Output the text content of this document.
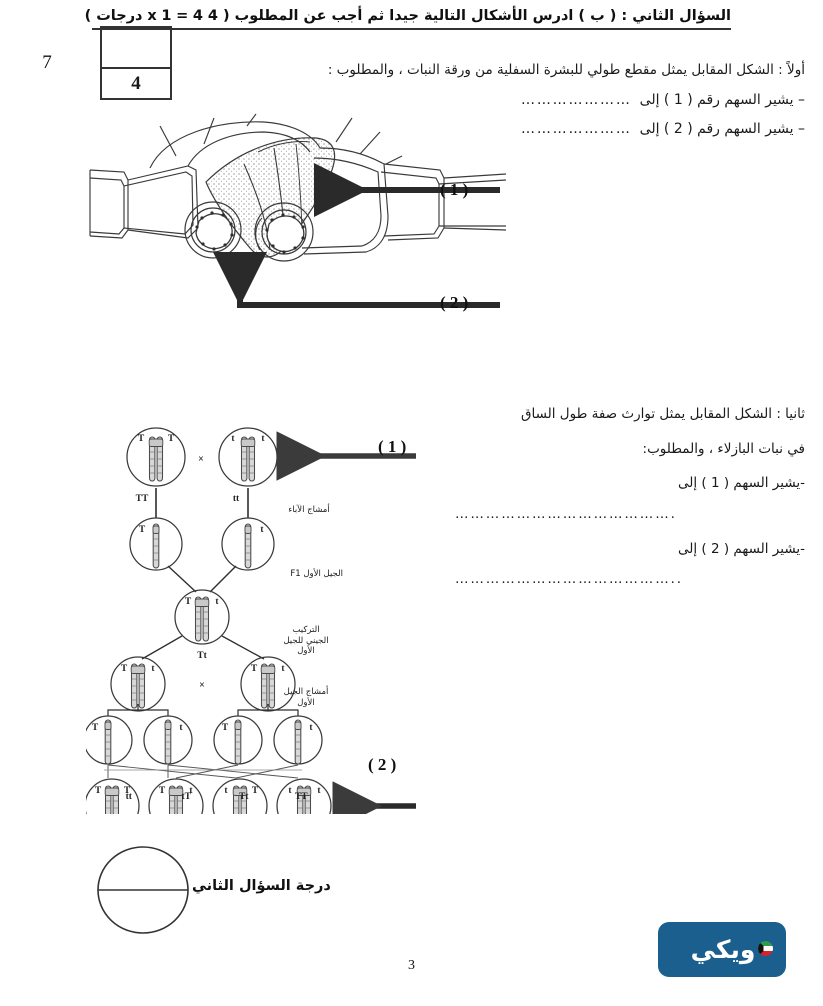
السؤال الثاني : ( ب ) ادرس الأشكال التالية جيدا ثم أجب عن المطلوب ( 4 x 1 = 4 درجات )
4
أولاً : الشكل المقابل يمثل مقطع طولي للبشرة السفلية من ورقة النبات ، والمطلوب :
– يشير السهم رقم ( 1 ) إلى
…………………
– يشير السهم رقم ( 2 ) إلى
…………………
( 1 )
( 2 )
ثانيا : الشكل المقابل يمثل توارث صفة طول الساق
في نبات البازلاء ، والمطلوب:
-يشير السهم ( 1 ) إلى
…………………………………….
-يشير السهم ( 2 ) إلى
……………………………………..
T T
TT
×
t	t
tt
T	t
T	t
Tt
T	t
×
T	t
T	t	T	t
T T	T	t	t	T	t	t
TT
Tt
tT
tt
( 1 )
( 2 )
أمشاج الآباء
الجيل الأول F1
التركيب الجيني للجيل الأول
أمشاج الجيل الأول
7
درجة السؤال الثاني
3
ويكي
